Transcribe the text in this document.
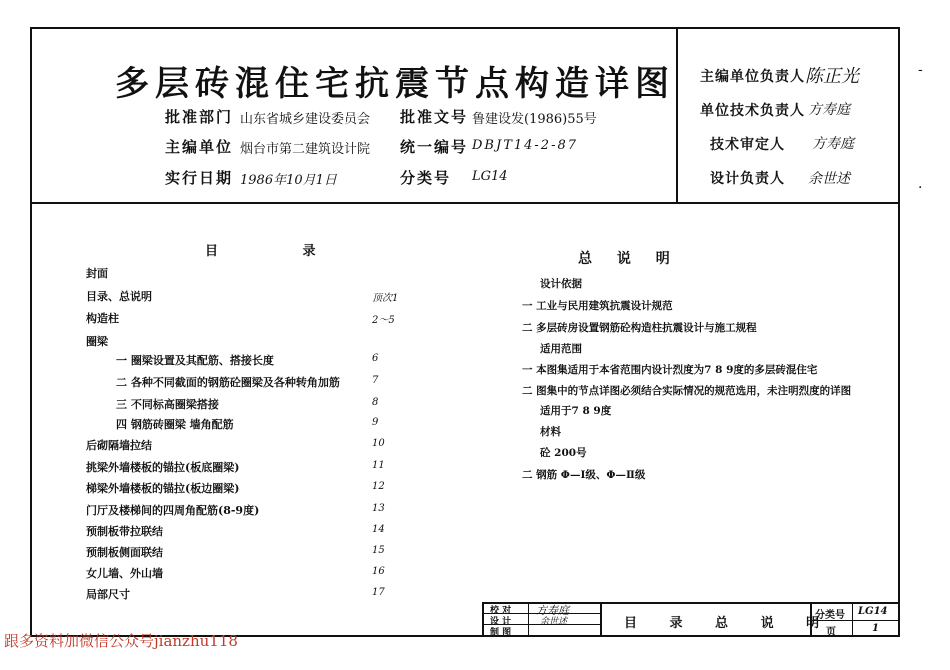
多层砖混住宅抗震节点构造详图
批准部门 山东省城乡建设委员会 批准文号 鲁建设发(1986)55号
主编单位 烟台市第二建筑设计院 统一编号 DBJT14-2-87
实行日期 1986年10月1日	分类号 LG14
主编单位负责人 陈正光
单位技术负责人 方寿庭
技术审定人 方寿庭
设计负责人 余世述
-
·
目 录
封面
目录、总说明	顶次1
构造柱	2～5
圈梁
一 圈梁设置及其配筋、搭接长度	6
二 各种不同截面的钢筋砼圈梁及各种转角加筋	7
三 不同标高圈梁搭接	8
四 钢筋砖圈梁 墙角配筋	9
后砌隔墙拉结	10
挑梁外墙楼板的锚拉(板底圈梁)	11
梯梁外墙楼板的锚拉(板边圈梁)	12
门厅及楼梯间的四周角配筋(8-9度)	13
预制板带拉联结	14
预制板侧面联结	15
女儿墙、外山墙	16
局部尺寸	17
总 说 明
设计依据
一 工业与民用建筑抗震设计规范
二 多层砖房设置钢筋砼构造柱抗震设计与施工规程
适用范围
一 本图集适用于本省范围内设计烈度为7 8 9度的多层砖混住宅
二 图集中的节点详图必须结合实际情况的规范选用，未注明烈度的详图
适用于7 8 9度
材料
砼 200号
二 钢筋 Φ—Ⅰ级、Φ—Ⅱ级
校 对
设 计
制 图
方寿庭
余世述	目 录 总 说 明
分类号 LG14
页	1
跟多资料加微信公众号jianzhu118
